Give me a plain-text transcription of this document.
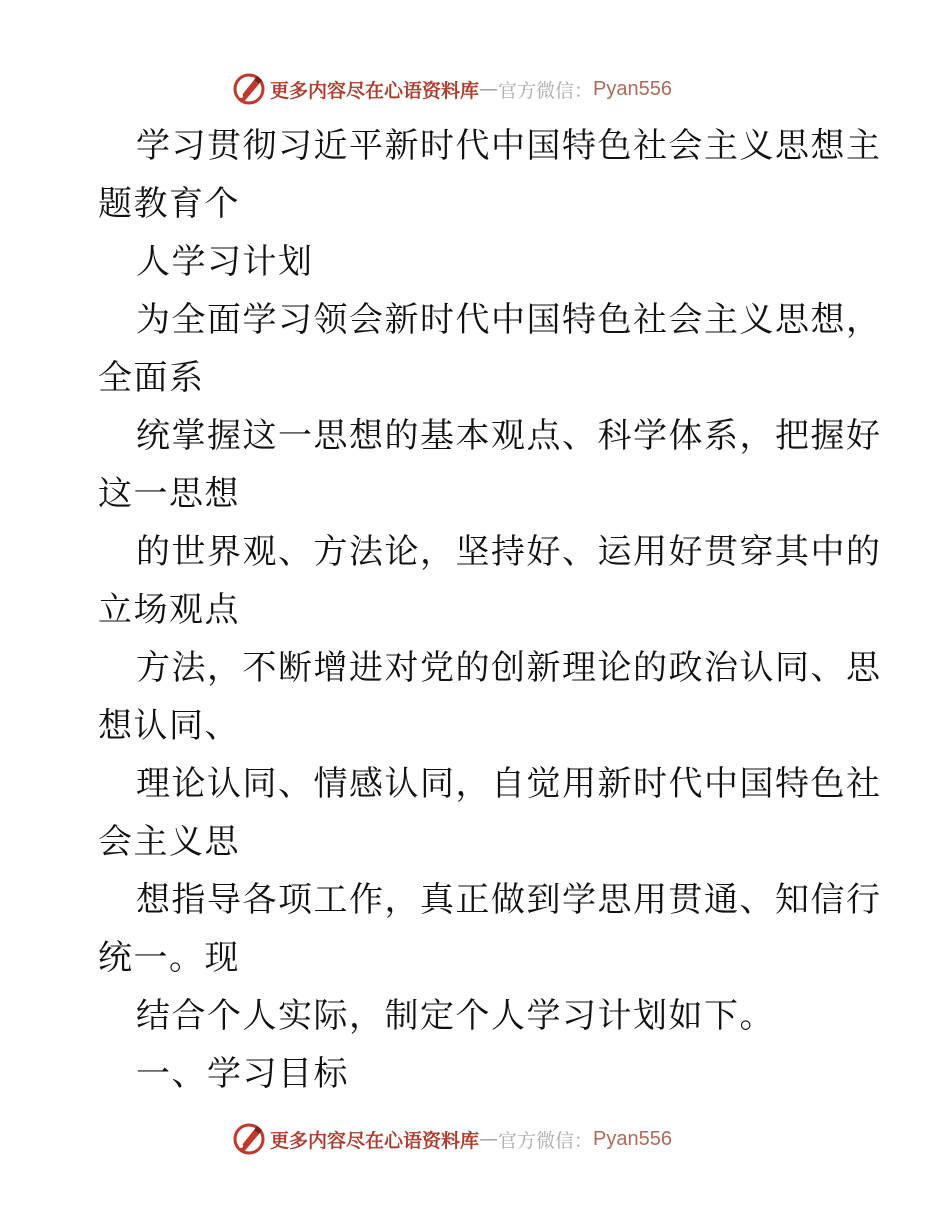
更多内容尽在心语资料库 — 官方微信： Pyan556
学习贯彻习近平新时代中国特色社会主义思想主
题教育个
人学习计划
为全面学习领会新时代中国特色社会主义思想，
全面系
统掌握这一思想的基本观点、科学体系，把握好
这一思想
的世界观、方法论，坚持好、运用好贯穿其中的
立场观点
方法，不断增进对党的创新理论的政治认同、思
想认同、
理论认同、情感认同，自觉用新时代中国特色社
会主义思
想指导各项工作，真正做到学思用贯通、知信行
统一。现
结合个人实际，制定个人学习计划如下。
一、学习目标
更多内容尽在心语资料库 — 官方微信： Pyan556
